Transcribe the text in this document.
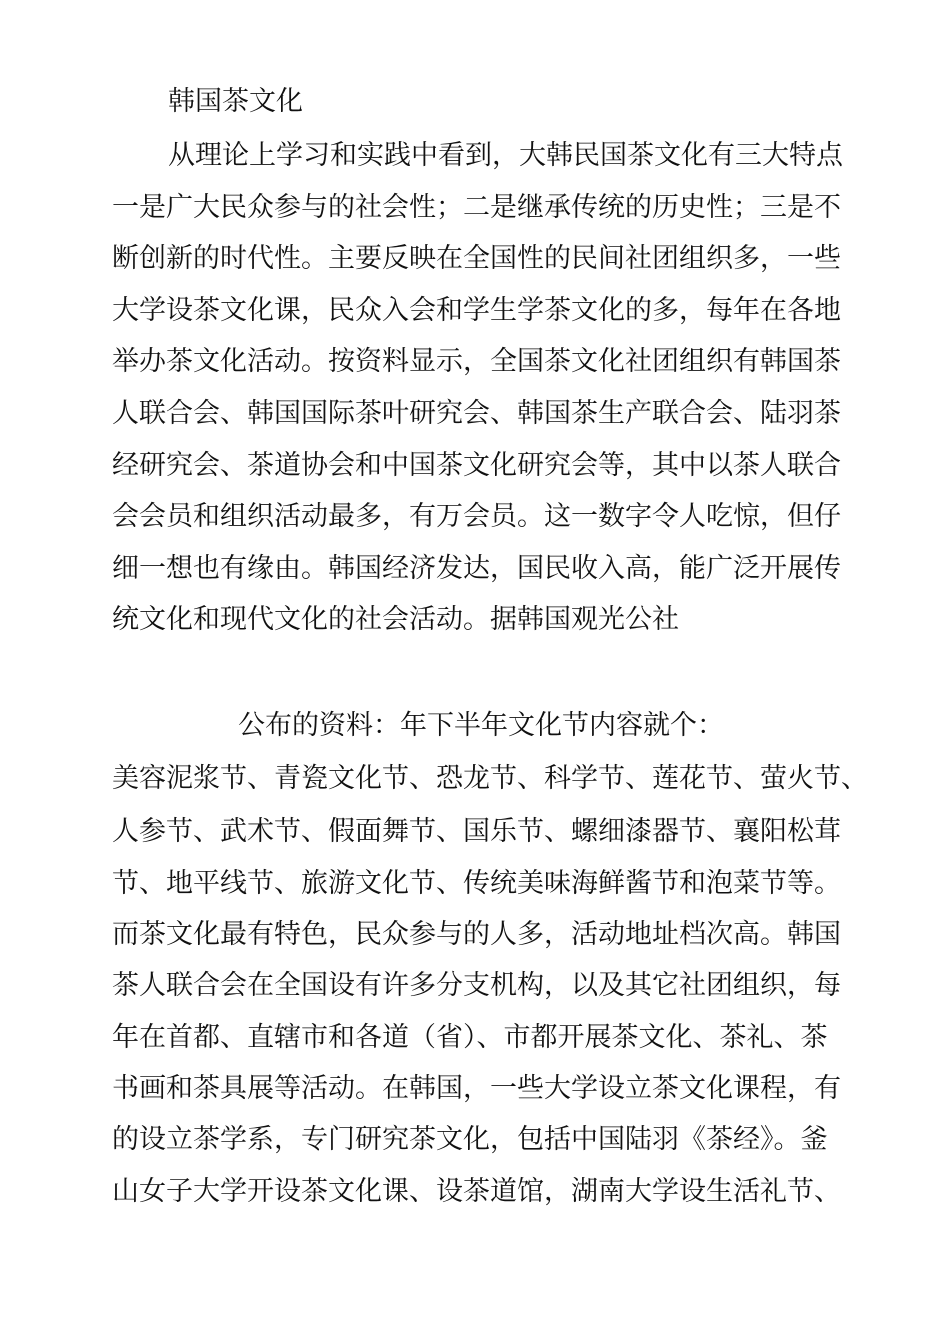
韩国茶文化
从理论上学习和实践中看到，大韩民国茶文化有三大特点
一是广大民众参与的社会性；二是继承传统的历史性；三是不
断创新的时代性。主要反映在全国性的民间社团组织多，一些
大学设茶文化课，民众入会和学生学茶文化的多，每年在各地
举办茶文化活动。按资料显示，全国茶文化社团组织有韩国茶
人联合会、韩国国际茶叶研究会、韩国茶生产联合会、陆羽茶
经研究会、茶道协会和中国茶文化研究会等，其中以茶人联合
会会员和组织活动最多，有万会员。这一数字令人吃惊，但仔
细一想也有缘由。韩国经济发达，国民收入高，能广泛开展传
统文化和现代文化的社会活动。据韩国观光公社
公布的资料：年下半年文化节内容就个：
美容泥浆节、青瓷文化节、恐龙节、科学节、莲花节、萤火节、
人参节、武术节、假面舞节、国乐节、螺细漆器节、襄阳松茸
节、地平线节、旅游文化节、传统美味海鲜酱节和泡菜节等。
而茶文化最有特色，民众参与的人多，活动地址档次高。韩国
茶人联合会在全国设有许多分支机构，以及其它社团组织，每
年在首都、直辖市和各道（省）、市都开展茶文化、茶礼、茶
书画和茶具展等活动。在韩国，一些大学设立茶文化课程，有
的设立茶学系，专门研究茶文化，包括中国陆羽《茶经》。釜
山女子大学开设茶文化课、设茶道馆，湖南大学设生活礼节、
